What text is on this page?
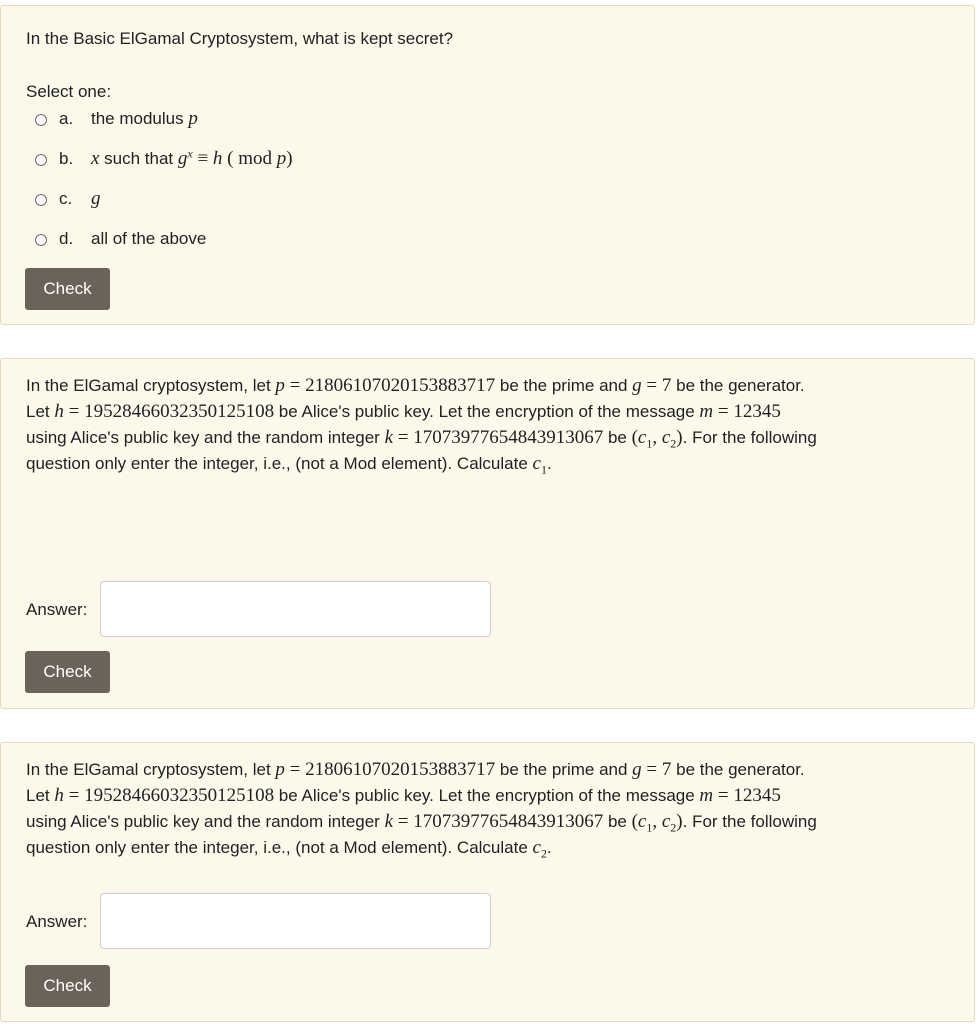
In the Basic ElGamal Cryptosystem, what is kept secret?
Select one:
a.	the modulus p
b. x such that $g^x \equiv h$ ( mod p)
c. g
d.	all of the above
Check
In the ElGamal cryptosystem, let p = 21806107020153883717 be the prime and g = 7 be the generator.
Let h = 19528466032350125108 be Alice's public key. Let the encryption of the message m = 12345
using Alice's public key and the random integer k = 17073977654843913067 be ($c_1$, $c_2$). For the following
question only enter the integer, i.e., (not a Mod element). Calculate $c_1$.
Answer:
Check
In the ElGamal cryptosystem, let p = 21806107020153883717 be the prime and g = 7 be the generator.
Let h = 19528466032350125108 be Alice's public key. Let the encryption of the message m = 12345
using Alice's public key and the random integer k = 17073977654843913067 be ($c_1$, $c_2$). For the following
question only enter the integer, i.e., (not a Mod element). Calculate $c_2$.
Answer:
Check
